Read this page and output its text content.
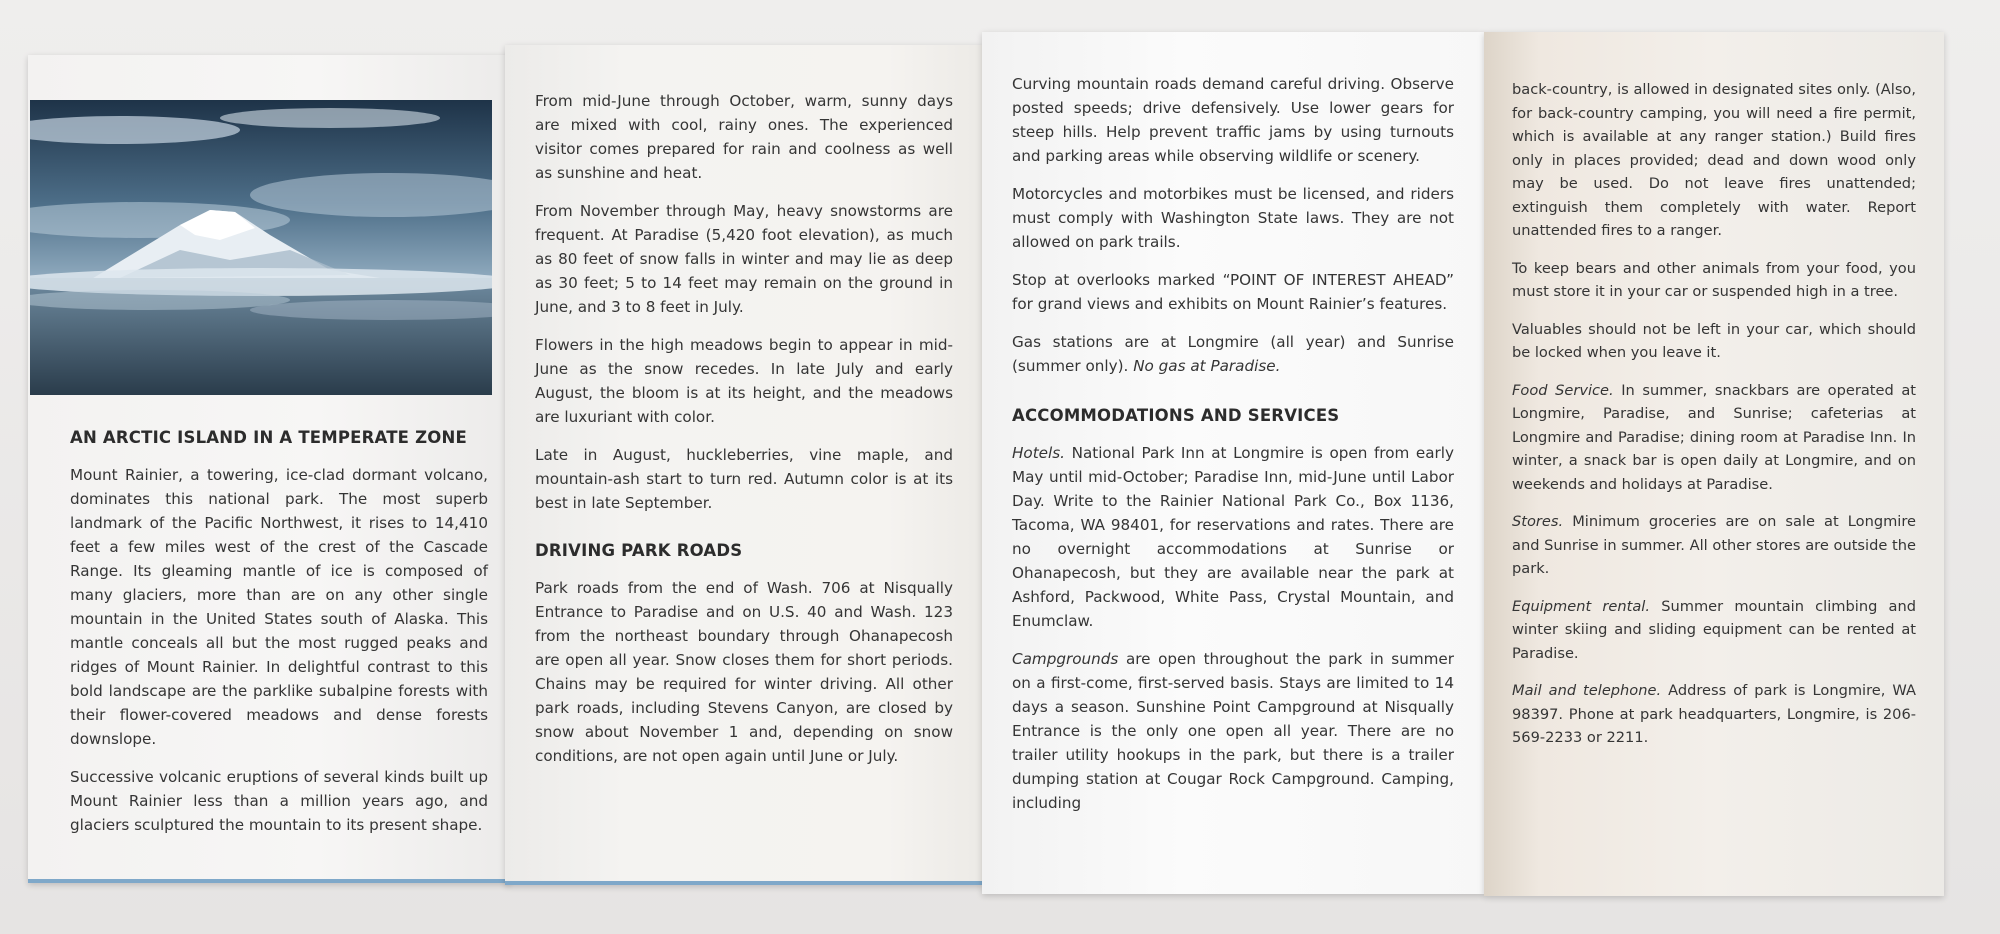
AN ARCTIC ISLAND IN A TEMPERATE ZONE

Mount Rainier, a towering, ice-clad dormant volcano, dominates this national park. The most superb landmark of the Pacific Northwest, it rises to 14,410 feet a few miles west of the crest of the Cascade Range. Its gleaming mantle of ice is composed of many glaciers, more than are on any other single mountain in the United States south of Alaska. This mantle conceals all but the most rugged peaks and ridges of Mount Rainier. In delightful contrast to this bold landscape are the parklike subalpine forests with their flower-covered meadows and dense forests downslope.

Successive volcanic eruptions of several kinds built up Mount Rainier less than a million years ago, and glaciers sculptured the mountain to its present shape.

From mid-June through October, warm, sunny days are mixed with cool, rainy ones. The experienced visitor comes prepared for rain and coolness as well as sunshine and heat.

From November through May, heavy snowstorms are frequent. At Paradise (5,420 foot elevation), as much as 80 feet of snow falls in winter and may lie as deep as 30 feet; 5 to 14 feet may remain on the ground in June, and 3 to 8 feet in July.

Flowers in the high meadows begin to appear in mid-June as the snow recedes. In late July and early August, the bloom is at its height, and the meadows are luxuriant with color.

Late in August, huckleberries, vine maple, and mountain-ash start to turn red. Autumn color is at its best in late September.

DRIVING PARK ROADS

Park roads from the end of Wash. 706 at Nisqually Entrance to Paradise and on U.S. 40 and Wash. 123 from the northeast boundary through Ohanapecosh are open all year. Snow closes them for short periods. Chains may be required for winter driving. All other park roads, including Stevens Canyon, are closed by snow about November 1 and, depending on snow conditions, are not open again until June or July.

Curving mountain roads demand careful driving. Observe posted speeds; drive defensively. Use lower gears for steep hills. Help prevent traffic jams by using turnouts and parking areas while observing wildlife or scenery.

Motorcycles and motorbikes must be licensed, and riders must comply with Washington State laws. They are not allowed on park trails.

Stop at overlooks marked “POINT OF INTEREST AHEAD” for grand views and exhibits on Mount Rainier’s features.

Gas stations are at Longmire (all year) and Sunrise (summer only). No gas at Paradise.

ACCOMMODATIONS AND SERVICES

Hotels. National Park Inn at Longmire is open from early May until mid-October; Paradise Inn, mid-June until Labor Day. Write to the Rainier National Park Co., Box 1136, Tacoma, WA 98401, for reservations and rates. There are no overnight accommodations at Sunrise or Ohanapecosh, but they are available near the park at Ashford, Packwood, White Pass, Crystal Mountain, and Enumclaw.

Campgrounds are open throughout the park in summer on a first-come, first-served basis. Stays are limited to 14 days a season. Sunshine Point Campground at Nisqually Entrance is the only one open all year. There are no trailer utility hookups in the park, but there is a trailer dumping station at Cougar Rock Campground. Camping, including

back-country, is allowed in designated sites only. (Also, for back-country camping, you will need a fire permit, which is available at any ranger station.) Build fires only in places provided; dead and down wood only may be used. Do not leave fires unattended; extinguish them completely with water. Report unattended fires to a ranger.

To keep bears and other animals from your food, you must store it in your car or suspended high in a tree.

Valuables should not be left in your car, which should be locked when you leave it.

Food Service. In summer, snackbars are operated at Longmire, Paradise, and Sunrise; cafeterias at Longmire and Paradise; dining room at Paradise Inn. In winter, a snack bar is open daily at Longmire, and on weekends and holidays at Paradise.

Stores. Minimum groceries are on sale at Longmire and Sunrise in summer. All other stores are outside the park.

Equipment rental. Summer mountain climbing and winter skiing and sliding equipment can be rented at Paradise.

Mail and telephone. Address of park is Longmire, WA 98397. Phone at park headquarters, Longmire, is 206-569-2233 or 2211.
